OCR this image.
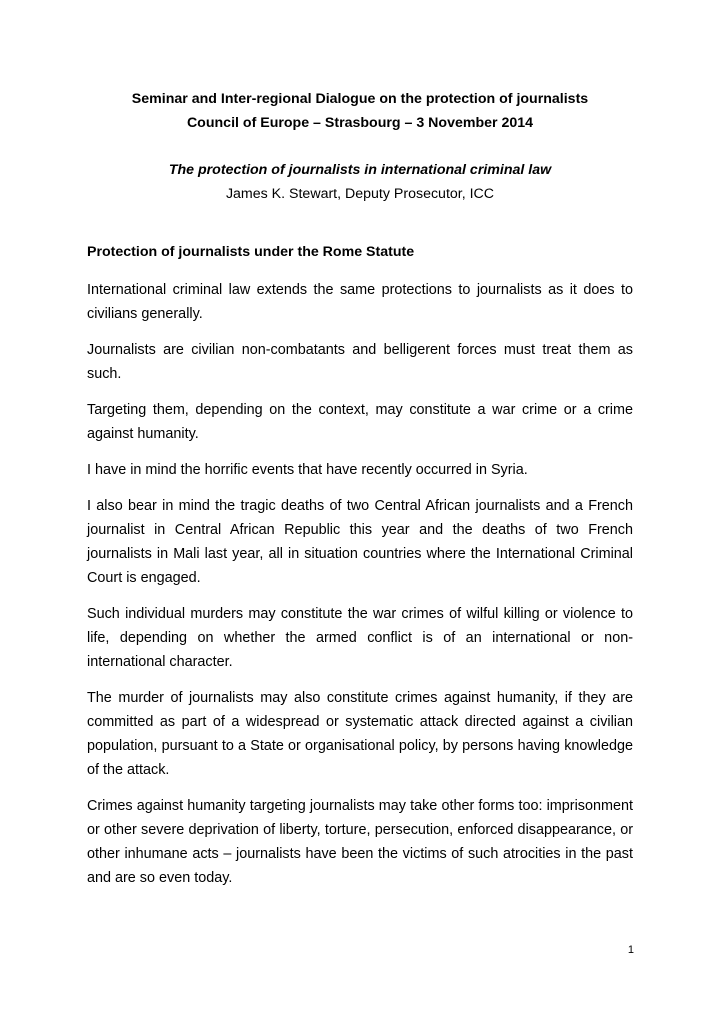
Seminar and Inter-regional Dialogue on the protection of journalists
Council of Europe – Strasbourg – 3 November 2014
The protection of journalists in international criminal law
James K. Stewart, Deputy Prosecutor, ICC
Protection of journalists under the Rome Statute

International criminal law extends the same protections to journalists as it does to civilians generally.

Journalists are civilian non-combatants and belligerent forces must treat them as such.

Targeting them, depending on the context, may constitute a war crime or a crime against humanity.

I have in mind the horrific events that have recently occurred in Syria.

I also bear in mind the tragic deaths of two Central African journalists and a French journalist in Central African Republic this year and the deaths of two French journalists in Mali last year, all in situation countries where the International Criminal Court is engaged.

Such individual murders may constitute the war crimes of wilful killing or violence to life, depending on whether the armed conflict is of an international or non-international character.

The murder of journalists may also constitute crimes against humanity, if they are committed as part of a widespread or systematic attack directed against a civilian population, pursuant to a State or organisational policy, by persons having knowledge of the attack.

Crimes against humanity targeting journalists may take other forms too: imprisonment or other severe deprivation of liberty, torture, persecution, enforced disappearance, or other inhumane acts – journalists have been the victims of such atrocities in the past and are so even today.

1
